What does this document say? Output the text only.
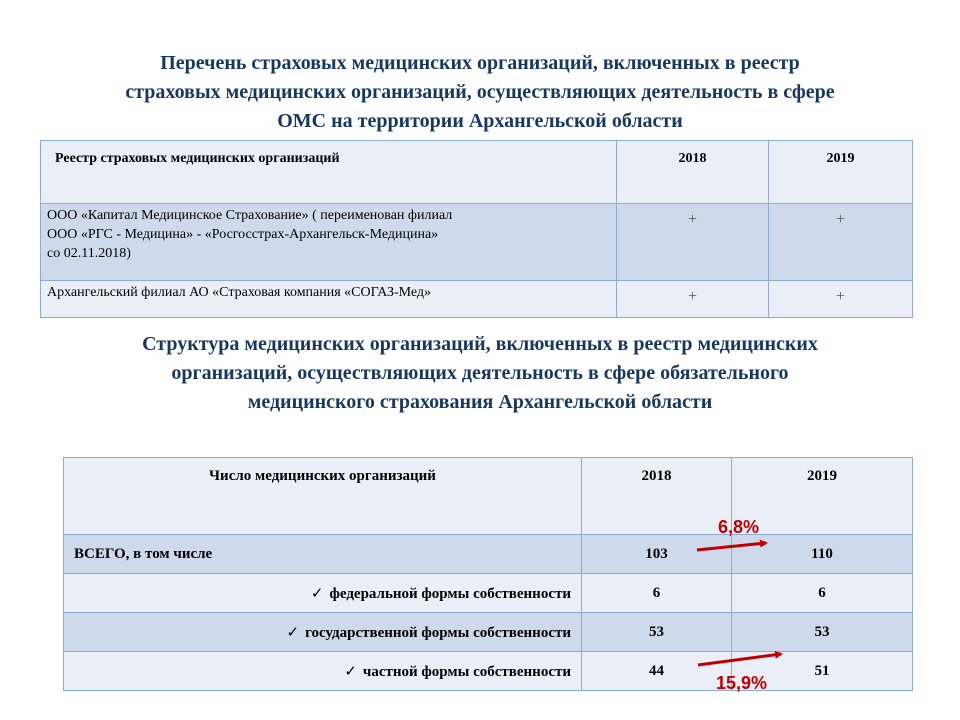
Перечень страховых медицинских организаций, включенных в реестр
страховых медицинских организаций, осуществляющих деятельность в сфере
ОМС на территории Архангельской области
Реестр страховых медицинских организаций	2018	2019

ООО «Капитал Медицинское Страхование» ( переименован филиал
ООО «РГС - Медицина» - «Росгосстрах-Архангельск-Медицина»
со 02.11.2018)	+	+

Архангельский филиал АО «Страховая компания «СОГАЗ-Мед»	+	+
Структура медицинских организаций, включенных в реестр медицинских
организаций, осуществляющих деятельность в сфере обязательного
медицинского страхования Архангельской области
Число медицинских организаций	2018	2019
ВСЕГО, в том числе	103	110
✓ федеральной формы собственности	6	6
✓ государственной формы собственности	53	53
✓ частной формы собственности	44	51
6,8%
15,9%
